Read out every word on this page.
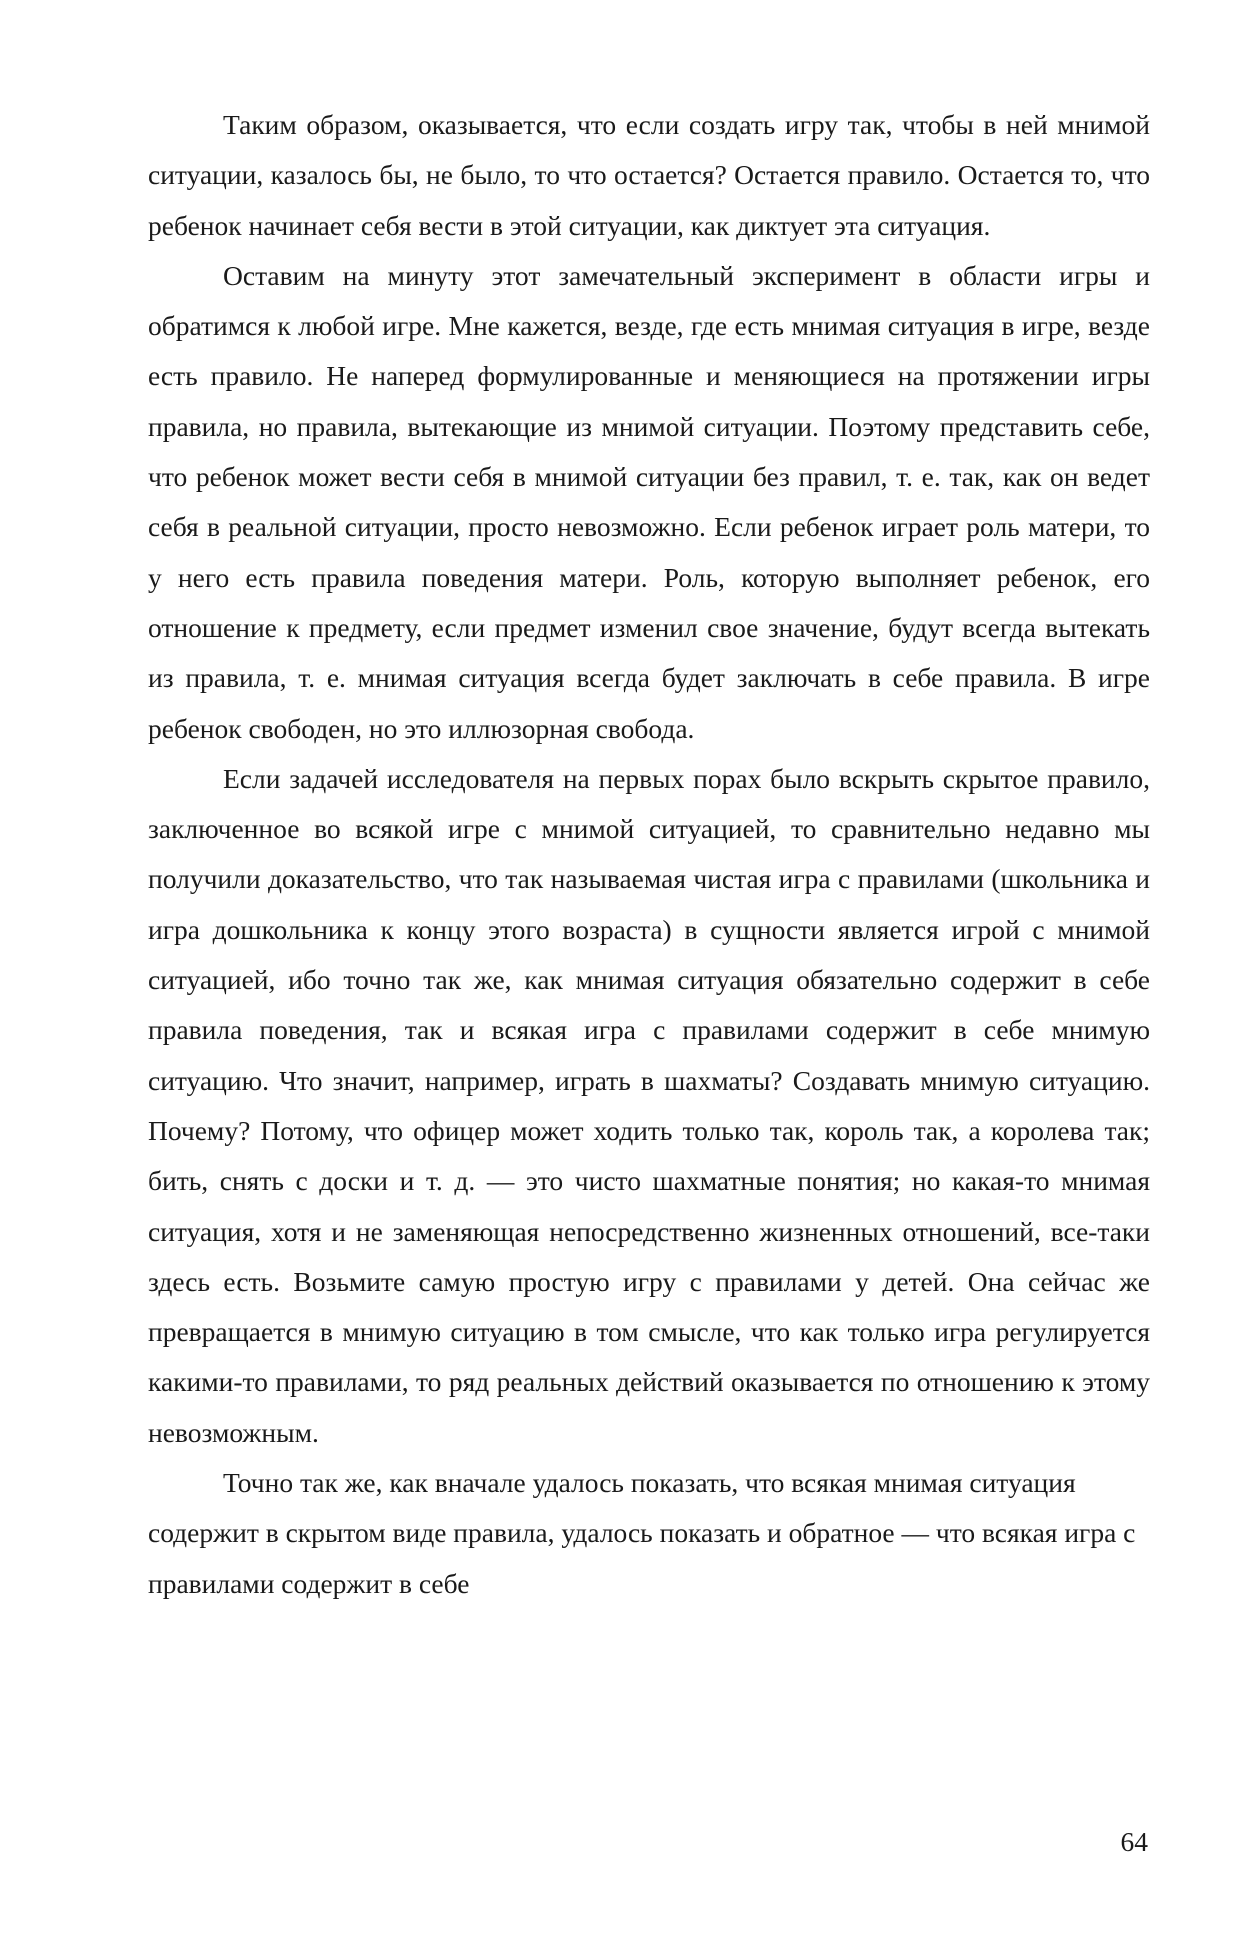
Таким образом, оказывается, что если создать игру так, чтобы в ней мнимой ситуации, казалось бы, не было, то что остается? Остается правило. Остается то, что ребенок начинает себя вести в этой ситуации, как диктует эта ситуация.

Оставим на минуту этот замечательный эксперимент в области игры и обратимся к любой игре. Мне кажется, везде, где есть мнимая ситуация в игре, везде есть правило. Не наперед формулированные и меняющиеся на протяжении игры правила, но правила, вытекающие из мнимой ситуации. Поэтому представить себе, что ребенок может вести себя в мнимой ситуации без правил, т. е. так, как он ведет себя в реальной ситуации, просто невозможно. Если ребенок играет роль матери, то у него есть правила поведения матери. Роль, которую выполняет ребенок, его отношение к предмету, если предмет изменил свое значение, будут всегда вытекать из правила, т. е. мнимая ситуация всегда будет заключать в себе правила. В игре ребенок свободен, но это иллюзорная свобода.

Если задачей исследователя на первых порах было вскрыть скрытое правило, заключенное во всякой игре с мнимой ситуацией, то сравнительно недавно мы получили доказательство, что так называемая чистая игра с правилами (школьника и игра дошкольника к концу этого возраста) в сущности является игрой с мнимой ситуацией, ибо точно так же, как мнимая ситуация обязательно содержит в себе правила поведения, так и всякая игра с правилами содержит в себе мнимую ситуацию. Что значит, например, играть в шахматы? Создавать мнимую ситуацию. Почему? Потому, что офицер может ходить только так, король так, а королева так; бить, снять с доски и т. д. — это чисто шахматные понятия; но какая-то мнимая ситуация, хотя и не заменяющая непосредственно жизненных отношений, все-таки здесь есть. Возьмите самую простую игру с правилами у детей. Она сейчас же превращается в мнимую ситуацию в том смысле, что как только игра регулируется какими-то правилами, то ряд реальных действий оказывается по отношению к этому невозможным.

Точно так же, как вначале удалось показать, что всякая мнимая ситуация содержит в скрытом виде правила, удалось показать и обратное — что всякая игра с правилами содержит в себе

64
